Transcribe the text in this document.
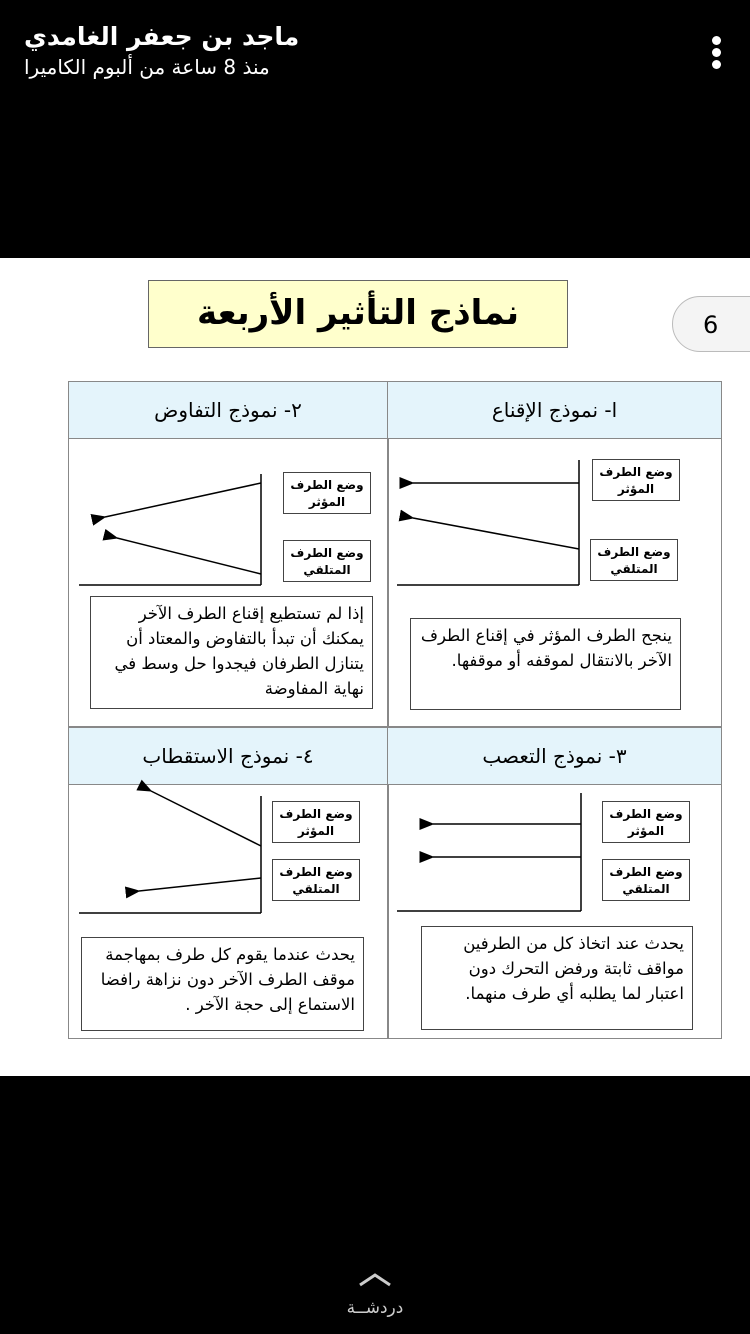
ماجد بن جعفر الغامدي
منذ 8 ساعة من ألبوم الكاميرا
نماذج التأثير الأربعة	6
ا- نموذج الإقناع
وضع الطرف المؤثر
وضع الطرف المتلقي
ينجح الطرف المؤثر في إقناع الطرف الآخر بالانتقال لموقفه أو موقفها.
٢- نموذج التفاوض
وضع الطرف المؤثر
وضع الطرف المتلقي
إذا لم تستطيع إقناع الطرف الآخر يمكنك أن تبدأ بالتفاوض والمعتاد أن يتنازل الطرفان فيجدوا حل وسط في نهاية المفاوضة
٣- نموذج التعصب
وضع الطرف المؤثر
وضع الطرف المتلقي
يحدث عند اتخاذ كل من الطرفين مواقف ثابتة ورفض التحرك دون اعتبار لما يطلبه أي طرف منهما.
٤- نموذج الاستقطاب
وضع الطرف المؤثر
وضع الطرف المتلقي
يحدث عندما يقوم كل طرف بمهاجمة موقف الطرف الآخر دون نزاهة رافضا الاستماع إلى حجة الآخر .
دردشــة
